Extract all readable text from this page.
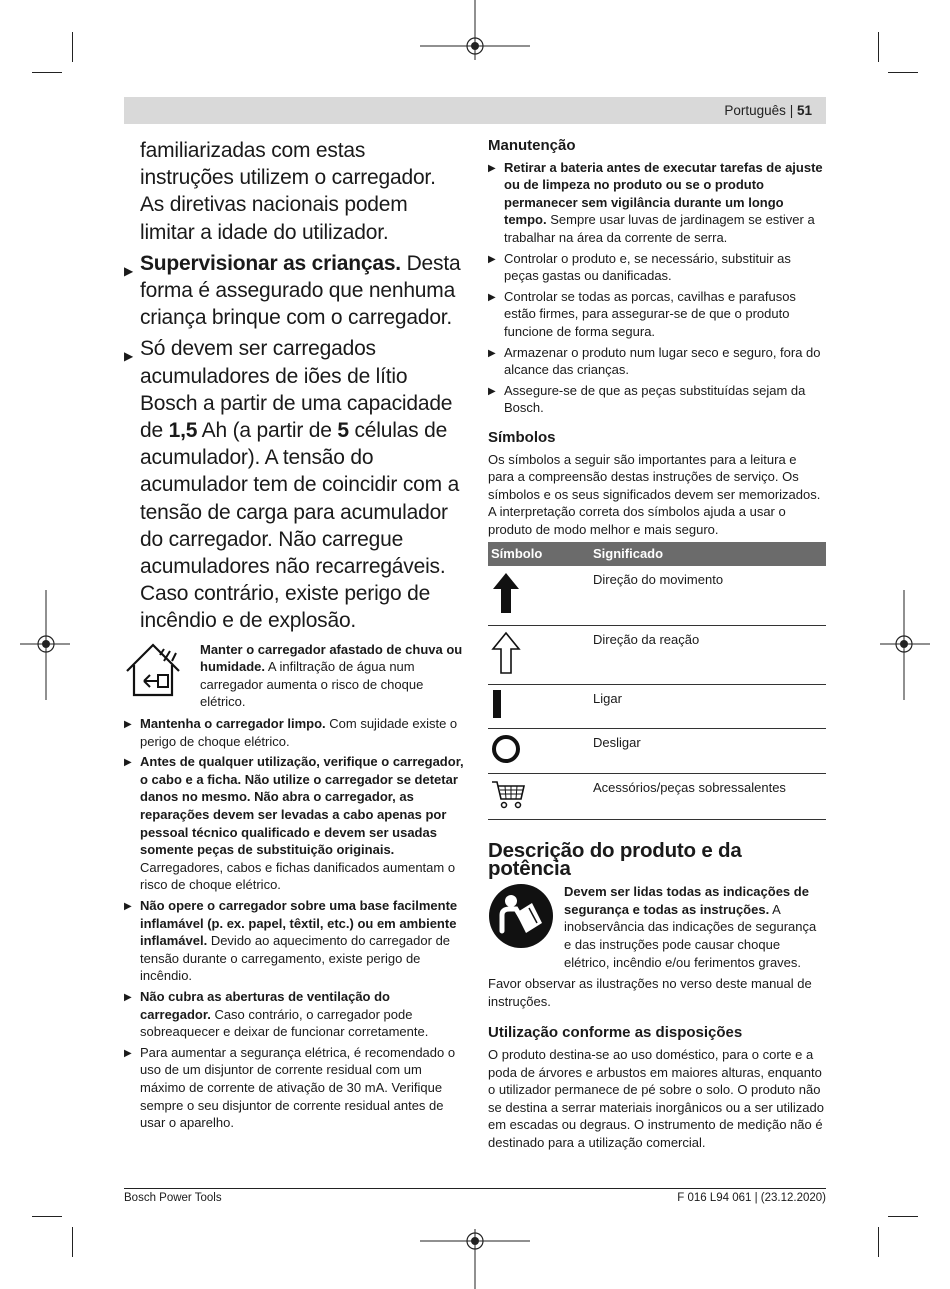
Português | 51
familiarizadas com estas instruções utilizem o carregador. As diretivas nacionais podem limitar a idade do utilizador.
▶ Supervisionar as crianças. Desta forma é assegurado que nenhuma criança brinque com o carregador.
▶ Só devem ser carregados acumuladores de iões de lítio Bosch a partir de uma capacidade de 1,5 Ah (a partir de 5 células de acumulador). A tensão do acumulador tem de coincidir com a tensão de carga para acumulador do carregador. Não carregue acumuladores não recarregáveis. Caso contrário, existe perigo de incêndio e de explosão.
Manter o carregador afastado de chuva ou humidade. A infiltração de água num carregador aumenta o risco de choque elétrico.
▶ Mantenha o carregador limpo. Com sujidade existe o perigo de choque elétrico.
▶ Antes de qualquer utilização, verifique o carregador, o cabo e a ficha. Não utilize o carregador se detetar danos no mesmo. Não abra o carregador, as reparações devem ser levadas a cabo apenas por pessoal técnico qualificado e devem ser usadas somente peças de substituição originais. Carregadores, cabos e fichas danificados aumentam o risco de choque elétrico.
▶ Não opere o carregador sobre uma base facilmente inflamável (p. ex. papel, têxtil, etc.) ou em ambiente inflamável. Devido ao aquecimento do carregador de tensão durante o carregamento, existe perigo de incêndio.
▶ Não cubra as aberturas de ventilação do carregador. Caso contrário, o carregador pode sobreaquecer e deixar de funcionar corretamente.
▶ Para aumentar a segurança elétrica, é recomendado o uso de um disjuntor de corrente residual com um máximo de corrente de ativação de 30 mA. Verifique sempre o seu disjuntor de corrente residual antes de usar o aparelho.
Manutenção
▶ Retirar a bateria antes de executar tarefas de ajuste ou de limpeza no produto ou se o produto permanecer sem vigilância durante um longo tempo. Sempre usar luvas de jardinagem se estiver a trabalhar na área da corrente de serra.
▶ Controlar o produto e, se necessário, substituir as peças gastas ou danificadas.
▶ Controlar se todas as porcas, cavilhas e parafusos estão firmes, para assegurar-se de que o produto funcione de forma segura.
▶ Armazenar o produto num lugar seco e seguro, fora do alcance das crianças.
▶ Assegure-se de que as peças substituídas sejam da Bosch.
Símbolos
Os símbolos a seguir são importantes para a leitura e para a compreensão destas instruções de serviço. Os símbolos e os seus significados devem ser memorizados. A interpretação correta dos símbolos ajuda a usar o produto de modo melhor e mais seguro.
Símbolo	Significado
	Direção do movimento
	Direção da reação
	Ligar
	Desligar
	Acessórios/peças sobressalentes
Descrição do produto e da potência
Devem ser lidas todas as indicações de segurança e todas as instruções. A inobservância das indicações de segurança e das instruções pode causar choque elétrico, incêndio e/ou ferimentos graves.
Favor observar as ilustrações no verso deste manual de instruções.
Utilização conforme as disposições
O produto destina-se ao uso doméstico, para o corte e a poda de árvores e arbustos em maiores alturas, enquanto o utilizador permanece de pé sobre o solo. O produto não se destina a serrar materiais inorgânicos ou a ser utilizado em escadas ou degraus. O instrumento de medição não é destinado para a utilização comercial.
Bosch Power Tools	F 016 L94 061 | (23.12.2020)
